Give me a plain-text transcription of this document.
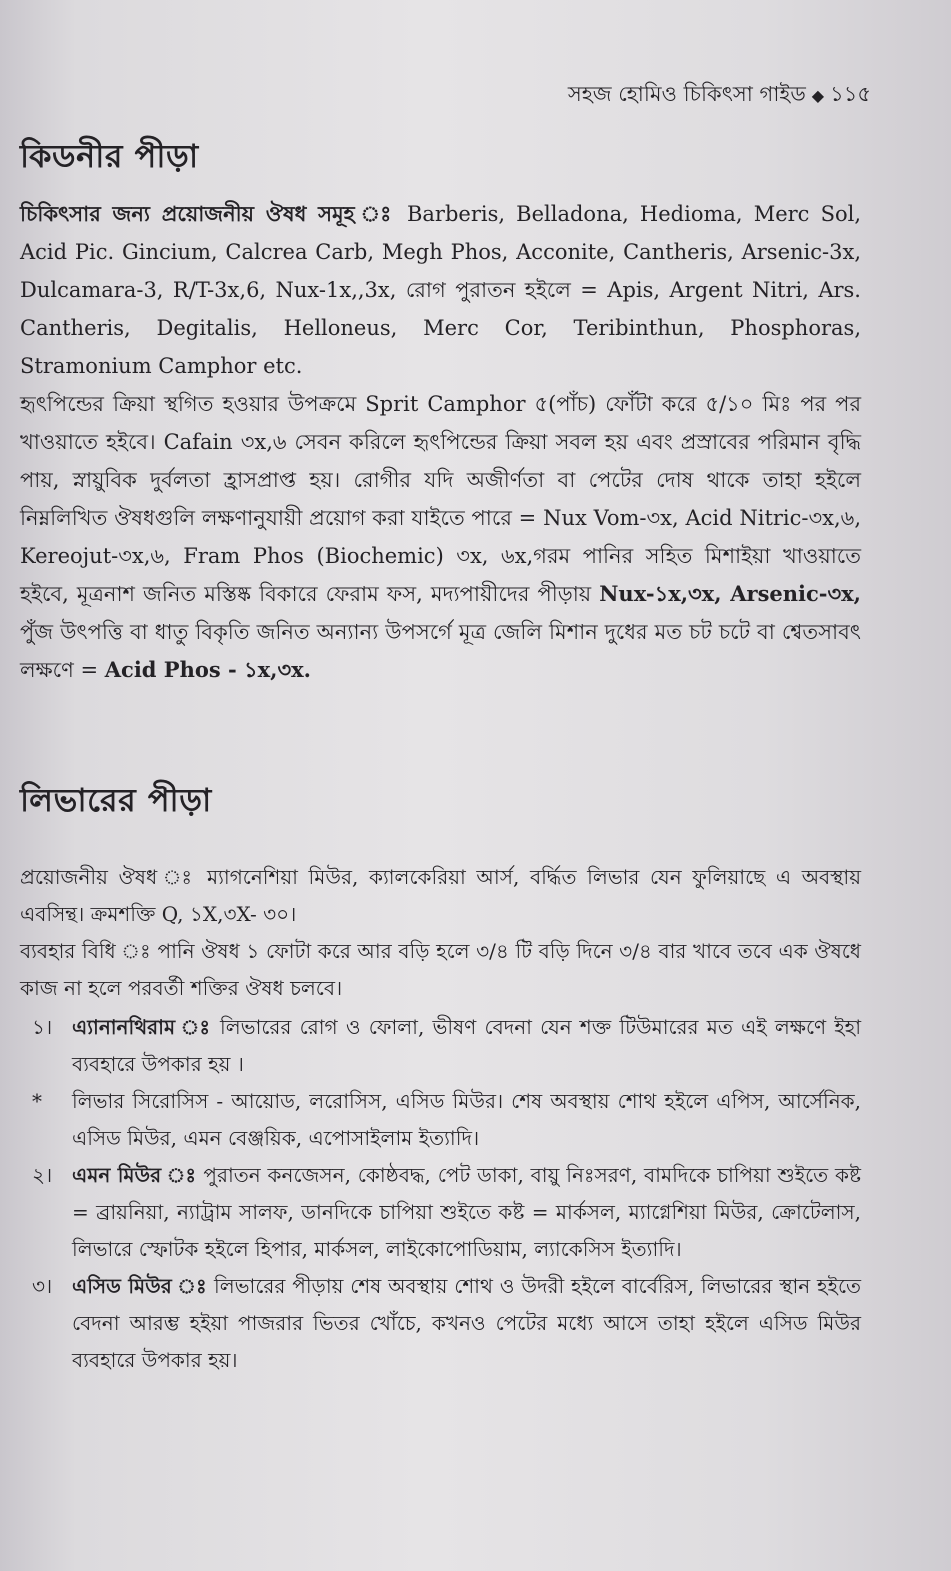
সহজ হোমিও চিকিৎসা গাইড ◆ ১১৫
কিডনীর পীড়া

চিকিৎসার জন্য প্রয়োজনীয় ঔষধ সমূহ ঃ Barberis, Belladona, Hedioma, Merc Sol, Acid Pic. Gincium, Calcrea Carb, Megh Phos, Acconite, Cantheris, Arsenic-3x, Dulcamara-3, R/T-3x,6, Nux-1x,,3x, রোগ পুরাতন হইলে = Apis, Argent Nitri, Ars. Cantheris, Degitalis, Helloneus, Merc Cor, Teribinthun, Phosphoras, Stramonium Camphor etc.

হৃৎপিন্ডের ক্রিয়া স্থগিত হওয়ার উপক্রমে Sprit Camphor ৫(পাঁচ) ফোঁটা করে ৫/১০ মিঃ পর পর খাওয়াতে হইবে। Cafain ৩x,৬ সেবন করিলে হৃৎপিন্ডের ক্রিয়া সবল হয় এবং প্রস্রাবের পরিমান বৃদ্ধি পায়, স্নায়ুবিক দুর্বলতা হ্রাসপ্রাপ্ত হয়। রোগীর যদি অজীর্ণতা বা পেটের দোষ থাকে তাহা হইলে নিম্নলিখিত ঔষধগুলি লক্ষণানুযায়ী প্রয়োগ করা যাইতে পারে = Nux Vom-৩x, Acid Nitric-৩x,৬, Kereojut-৩x,৬, Fram Phos (Biochemic) ৩x, ৬x,গরম পানির সহিত মিশাইয়া খাওয়াতে হইবে, মূত্রনাশ জনিত মস্তিষ্ক বিকারে ফেরাম ফস, মদ্যপায়ীদের পীড়ায় Nux-১x,৩x, Arsenic-৩x, পুঁজ উৎপত্তি বা ধাতু বিকৃতি জনিত অন্যান্য উপসর্গে মূত্র জেলি মিশান দুধের মত চট চটে বা শ্বেতসাবৎ লক্ষণে = Acid Phos - ১x,৩x.

লিভারের পীড়া

প্রয়োজনীয় ঔষধ ঃ ম্যাগনেশিয়া মিউর, ক্যালকেরিয়া আর্স, বর্দ্ধিত লিভার যেন ফুলিয়াছে এ অবস্থায় এবসিন্থ। ক্রমশক্তি Q, ১X,৩X- ৩০।

ব্যবহার বিধি ঃ পানি ঔষধ ১ ফোটা করে আর বড়ি হলে ৩/৪ টি বড়ি দিনে ৩/৪ বার খাবে তবে এক ঔষধে কাজ না হলে পরবর্তী শক্তির ঔষধ চলবে।

১। এ্যানানথিরাম ঃ লিভারের রোগ ও ফোলা, ভীষণ বেদনা যেন শক্ত টিউমারের মত এই লক্ষণে ইহা ব্যবহারে উপকার হয় ।
*	লিভার সিরোসিস - আয়োড, লরোসিস, এসিড মিউর। শেষ অবস্থায় শোথ হইলে এপিস, আর্সেনিক, এসিড মিউর, এমন বেঞ্জয়িক, এপোসাইলাম ইত্যাদি।
২। এমন মিউর ঃ পুরাতন কনজেসন, কোষ্ঠবদ্ধ, পেট ডাকা, বায়ু নিঃসরণ, বামদিকে চাপিয়া শুইতে কষ্ট = ব্রায়নিয়া, ন্যাট্রাম সালফ, ডানদিকে চাপিয়া শুইতে কষ্ট = মার্কসল, ম্যাগ্নেশিয়া মিউর, ক্রোটেলাস, লিভারে স্ফোটক হইলে হিপার, মার্কসল, লাইকোপোডিয়াম, ল্যাকেসিস ইত্যাদি।
৩। এসিড মিউর ঃ লিভারের পীড়ায় শেষ অবস্থায় শোথ ও উদরী হইলে বার্বেরিস, লিভারের স্থান হইতে বেদনা আরম্ভ হইয়া পাজরার ভিতর খোঁচে, কখনও পেটের মধ্যে আসে তাহা হইলে এসিড মিউর ব্যবহারে উপকার হয়।
